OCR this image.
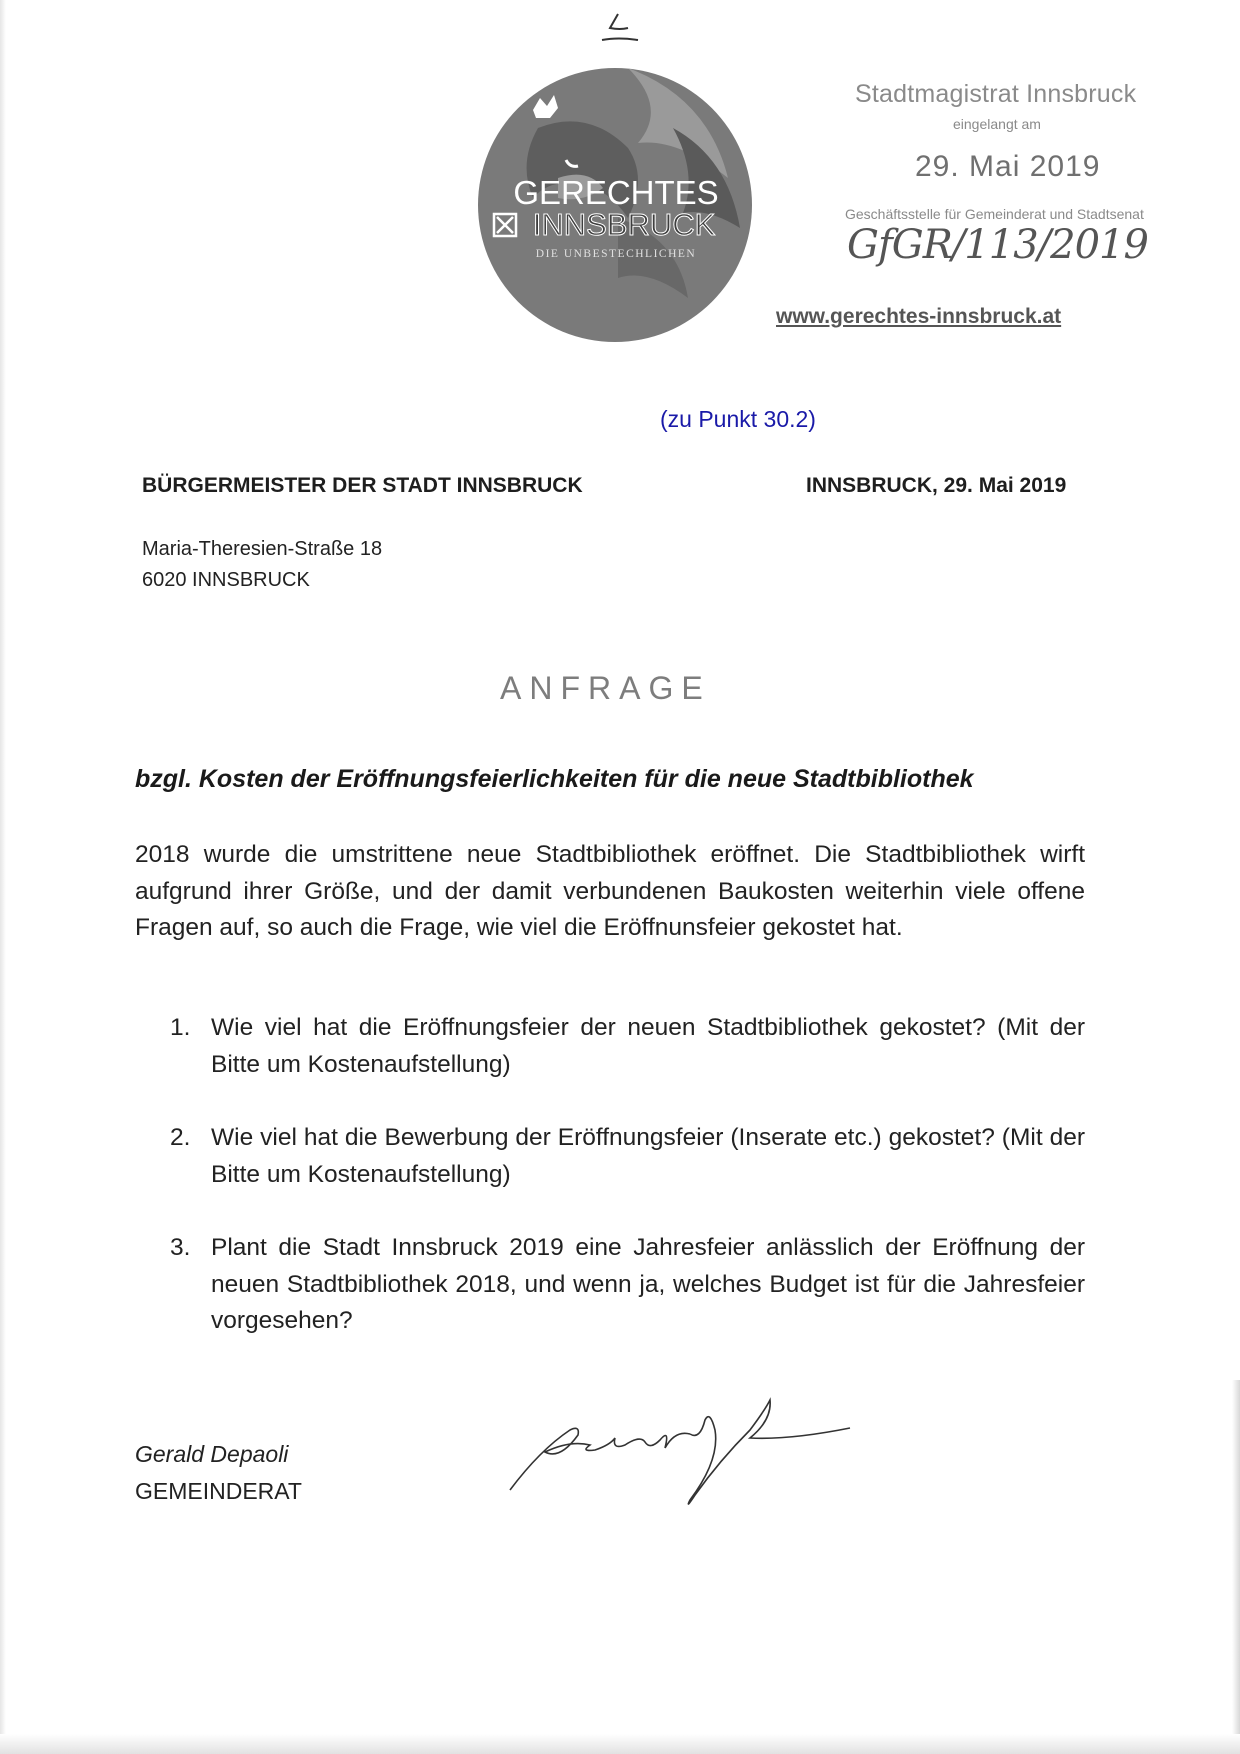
GERECHTES
INNSBRUCK
DIE UNBESTECHLICHEN
Stadtmagistrat Innsbruck
eingelangt am
29. Mai 2019
Geschäftsstelle für Gemeinderat und Stadtsenat
GfGR/113/2019
www.gerechtes-innsbruck.at
(zu Punkt 30.2)
BÜRGERMEISTER DER STADT INNSBRUCK	INNSBRUCK, 29. Mai 2019
Maria-Theresien-Straße 18
6020 INNSBRUCK
ANFRAGE
bzgl. Kosten der Eröffnungsfeierlichkeiten für die neue Stadtbibliothek
2018 wurde die umstrittene neue Stadtbibliothek eröffnet. Die Stadtbibliothek wirft aufgrund ihrer Größe, und der damit verbundenen Baukosten weiterhin viele offene Fragen auf, so auch die Frage, wie viel die Eröffnunsfeier gekostet hat.
1. Wie viel hat die Eröffnungsfeier der neuen Stadtbibliothek gekostet? (Mit der Bitte um Kostenaufstellung)
2. Wie viel hat die Bewerbung der Eröffnungsfeier (Inserate etc.) gekostet? (Mit der Bitte um Kostenaufstellung)
3. Plant die Stadt Innsbruck 2019 eine Jahresfeier anlässlich der Eröffnung der neuen Stadtbibliothek 2018, und wenn ja, welches Budget ist für die Jahresfeier vorgesehen?
Gerald Depaoli
GEMEINDERAT
